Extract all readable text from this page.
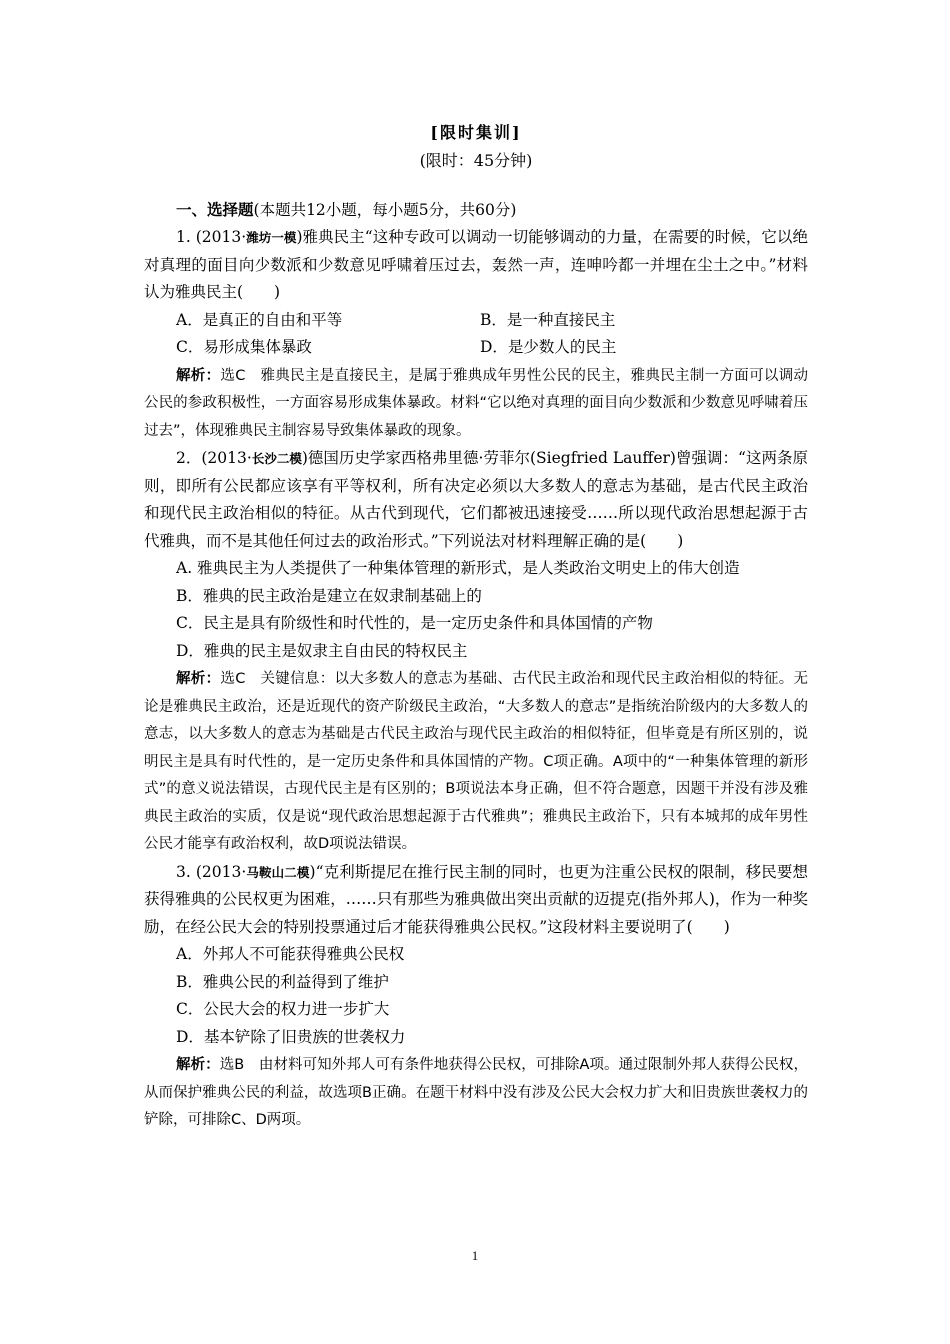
[限时集训]
(限时：45分钟)
一、选择题(本题共12小题，每小题5分，共60分)
1. (2013·潍坊一模)雅典民主“这种专政可以调动一切能够调动的力量，在需要的时候，它以绝对真理的面目向少数派和少数意见呼啸着压过去，轰然一声，连呻吟都一并埋在尘土之中。”材料认为雅典民主(　　)
A．是真正的自由和平等	B．是一种直接民主
C．易形成集体暴政	D．是少数人的民主
解析：选C　雅典民主是直接民主，是属于雅典成年男性公民的民主，雅典民主制一方面可以调动公民的参政积极性，一方面容易形成集体暴政。材料“它以绝对真理的面目向少数派和少数意见呼啸着压过去”，体现雅典民主制容易导致集体暴政的现象。
2．(2013·长沙二模)德国历史学家西格弗里德·劳菲尔(Siegfried Lauffer)曾强调：“这两条原则，即所有公民都应该享有平等权利，所有决定必须以大多数人的意志为基础，是古代民主政治和现代民主政治相似的特征。从古代到现代，它们都被迅速接受……所以现代政治思想起源于古代雅典，而不是其他任何过去的政治形式。”下列说法对材料理解正确的是(　　)
A. 雅典民主为人类提供了一种集体管理的新形式，是人类政治文明史上的伟大创造
B．雅典的民主政治是建立在奴隶制基础上的
C．民主是具有阶级性和时代性的，是一定历史条件和具体国情的产物
D．雅典的民主是奴隶主自由民的特权民主
解析：选C　关键信息：以大多数人的意志为基础、古代民主政治和现代民主政治相似的特征。无论是雅典民主政治，还是近现代的资产阶级民主政治，“大多数人的意志”是指统治阶级内的大多数人的意志，以大多数人的意志为基础是古代民主政治与现代民主政治的相似特征，但毕竟是有所区别的，说明民主是具有时代性的，是一定历史条件和具体国情的产物。C项正确。A项中的“一种集体管理的新形式”的意义说法错误，古现代民主是有区别的；B项说法本身正确，但不符合题意，因题干并没有涉及雅典民主政治的实质，仅是说“现代政治思想起源于古代雅典”；雅典民主政治下，只有本城邦的成年男性公民才能享有政治权利，故D项说法错误。
3. (2013·马鞍山二模)“克利斯提尼在推行民主制的同时，也更为注重公民权的限制，移民要想获得雅典的公民权更为困难，……只有那些为雅典做出突出贡献的迈提克(指外邦人)，作为一种奖励，在经公民大会的特别投票通过后才能获得雅典公民权。”这段材料主要说明了(　　)
A．外邦人不可能获得雅典公民权
B．雅典公民的利益得到了维护
C．公民大会的权力进一步扩大
D．基本铲除了旧贵族的世袭权力
解析：选B　由材料可知外邦人可有条件地获得公民权，可排除A项。通过限制外邦人获得公民权，从而保护雅典公民的利益，故选项B正确。在题干材料中没有涉及公民大会权力扩大和旧贵族世袭权力的铲除，可排除C、D两项。
1
